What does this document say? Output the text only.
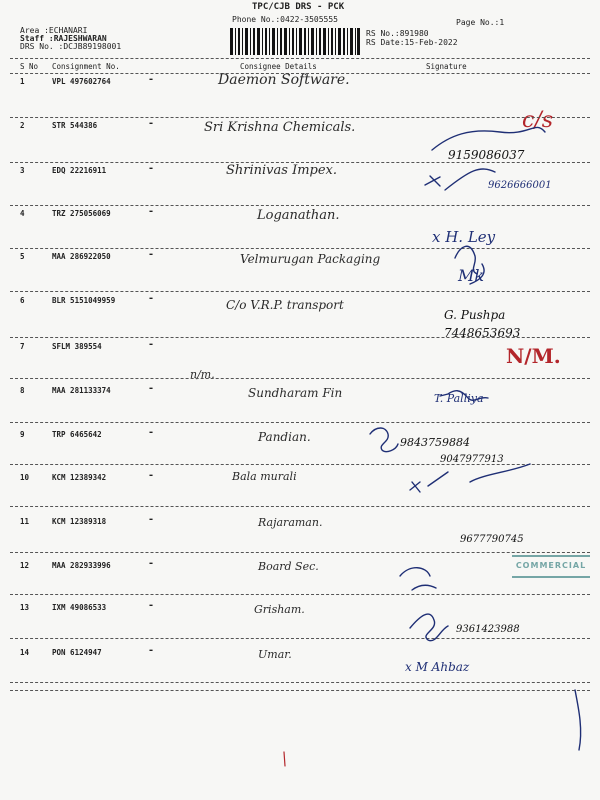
TPC/CJB DRS - PCK
Phone No.:0422-3505555	Page No.:1
Area :ECHANARI
Staff :RAJESHWARAN
DRS No. :DCJB89198001
RS No.:891980
RS Date:15-Feb-2022
S No Consignment No.	Consignee Details	Signature
1	VPL 497602764	-	Daemon Software.
c/s
2	STR 544386	-	Sri Krishna Chemicals.
9159086037
3	EDQ 22216911	-	Shrinivas Impex.
9626666001
4	TRZ 275056069	-	Loganathan.
x H. Ley
5	MAA 286922050	-	Velmurugan Packaging
Mk
6	BLR 5151049959	-	C/o V.R.P. transport
G. Pushpa 7448653693
7	SFLM 389554	-	N/M.
n/m.
8	MAA 281133374	-	Sundharam Fin	T. Palliya
9	TRP 6465642	-	Pandian.	9843759884
10	KCM 12389342	-	Bala murali
9047977913
11	KCM 12389318	-	Rajaraman.
9677790745
12	MAA 282933996	-	Board Sec.	COMMERCIAL
13	IXM 49086533	-	Grisham.
9361423988
14	PON 6124947	-	Umar.
x M Ahbaz
